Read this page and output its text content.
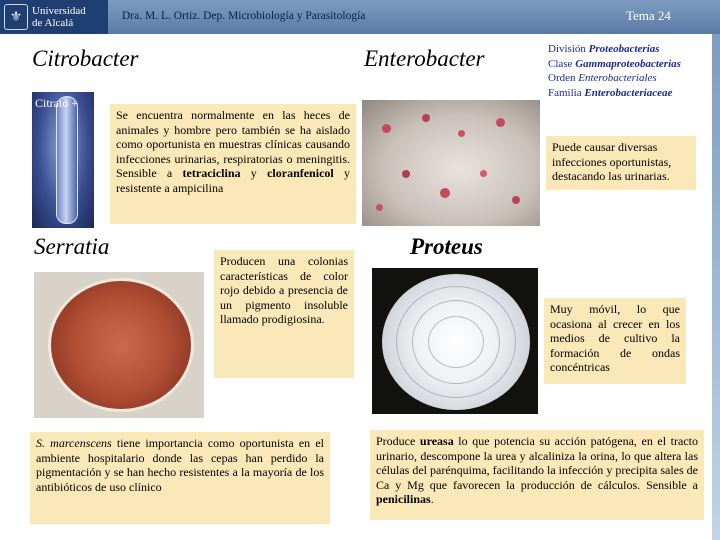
⚜ Universidad
de Alcalá
Dra. M. L. Ortiz. Dep. Microbiología y Parasitología	Tema 24
Citrobacter
Citrato +
Se encuentra normalmente en las heces de animales y hombre pero también se ha aislado como oportunista en muestras clínicas causando infecciones urinarias, respiratorias o meningitis. Sensible a tetraciclina y cloranfenicol y resistente a ampicilina
Enterobacter	División Proteobacterias
Clase Gammaproteobacterias
Orden Enterobacteriales
Familia Enterobacteriaceae
Puede causar diversas infecciones oportunistas, destacando las urinarias.
Serratia
Producen una colonias características de color rojo debido a presencia de un pigmento insoluble llamado prodigiosina.
S. marcenscens tiene importancia como oportunista en el ambiente hospitalario donde las cepas han perdido la pigmentación y se han hecho resistentes a la mayoría de los antibióticos de uso clínico
Proteus
Muy móvil, lo que ocasiona al crecer en los medios de cultivo la formación de ondas concéntricas
Produce ureasa lo que potencia su acción patógena, en el tracto urinario, descompone la urea y alcaliniza la orina, lo que altera las células del parénquima, facilitando la infección y precipita sales de Ca y Mg que favorecen la producción de cálculos. Sensible a penicilinas.
